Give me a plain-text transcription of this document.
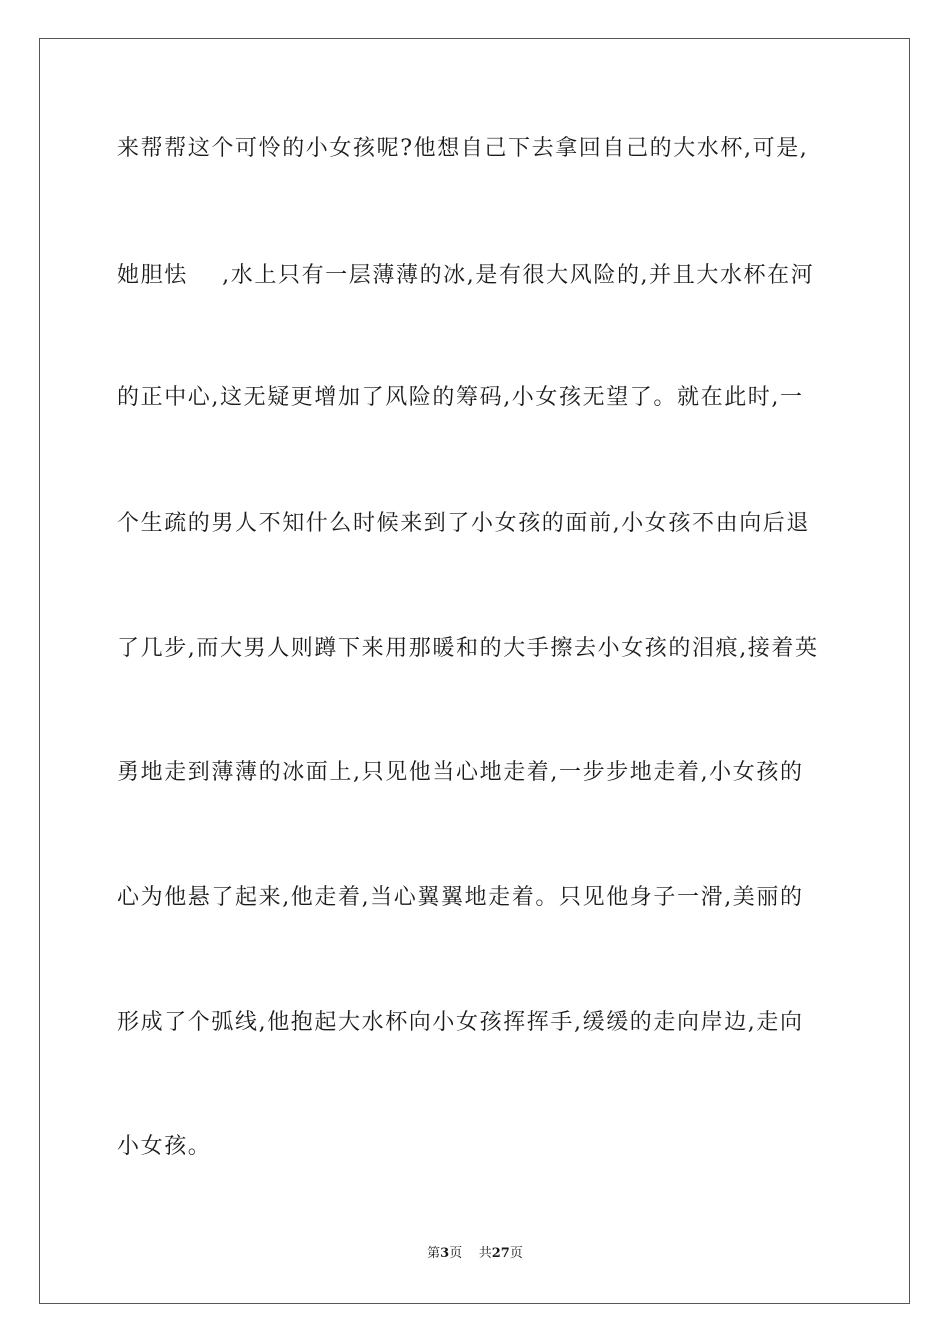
来帮帮这个可怜的小女孩呢?他想自己下去拿回自己的大水杯,可是,
她胆怯    ,水上只有一层薄薄的冰,是有很大风险的,并且大水杯在河
的正中心,这无疑更增加了风险的筹码,小女孩无望了。就在此时,一
个生疏的男人不知什么时候来到了小女孩的面前,小女孩不由向后退
了几步,而大男人则蹲下来用那暖和的大手擦去小女孩的泪痕,接着英
勇地走到薄薄的冰面上,只见他当心地走着,一步步地走着,小女孩的
心为他悬了起来,他走着,当心翼翼地走着。只见他身子一滑,美丽的
形成了个弧线,他抱起大水杯向小女孩挥挥手,缓缓的走向岸边,走向
小女孩。
第3页 共27页
